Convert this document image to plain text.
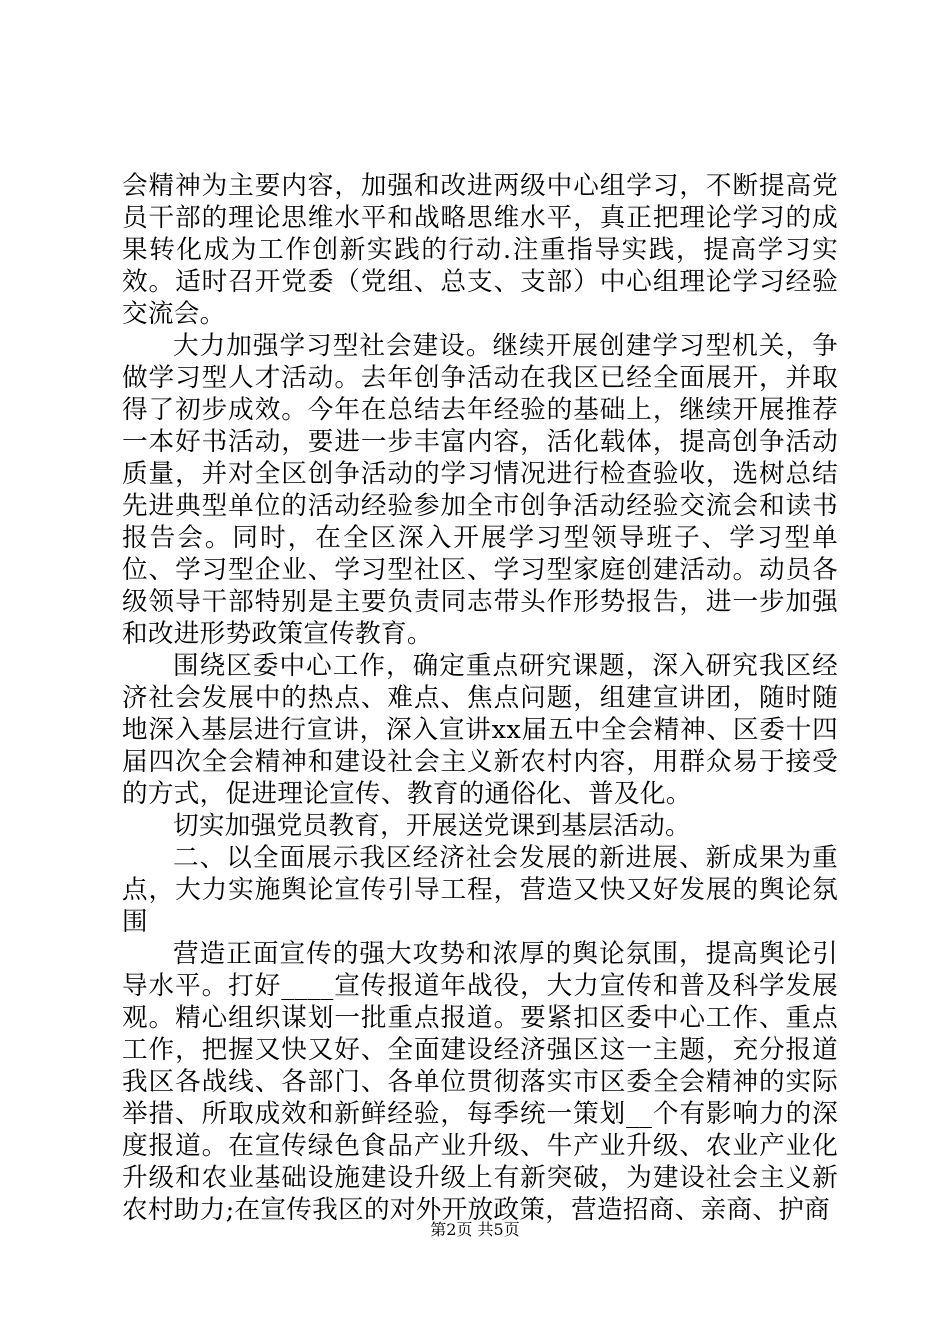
会精神为主要内容，加强和改进两级中心组学习，不断提高党员干部的理论思维水平和战略思维水平，真正把理论学习的成果转化成为工作创新实践的行动.注重指导实践，提高学习实效。适时召开党委（党组、总支、支部）中心组理论学习经验交流会。

大力加强学习型社会建设。继续开展创建学习型机关，争做学习型人才活动。去年创争活动在我区已经全面展开，并取得了初步成效。今年在总结去年经验的基础上，继续开展推荐一本好书活动，要进一步丰富内容，活化载体，提高创争活动质量，并对全区创争活动的学习情况进行检查验收，选树总结先进典型单位的活动经验参加全市创争活动经验交流会和读书报告会。同时，在全区深入开展学习型领导班子、学习型单位、学习型企业、学习型社区、学习型家庭创建活动。动员各级领导干部特别是主要负责同志带头作形势报告，进一步加强和改进形势政策宣传教育。

围绕区委中心工作，确定重点研究课题，深入研究我区经济社会发展中的热点、难点、焦点问题，组建宣讲团，随时随地深入基层进行宣讲，深入宣讲xx届五中全会精神、区委十四届四次全会精神和建设社会主义新农村内容，用群众易于接受的方式，促进理论宣传、教育的通俗化、普及化。

切实加强党员教育，开展送党课到基层活动。

二、以全面展示我区经济社会发展的新进展、新成果为重点，大力实施舆论宣传引导工程，营造又快又好发展的舆论氛围

营造正面宣传的强大攻势和浓厚的舆论氛围，提高舆论引导水平。打好____宣传报道年战役，大力宣传和普及科学发展观。精心组织谋划一批重点报道。要紧扣区委中心工作、重点工作，把握又快又好、全面建设经济强区这一主题，充分报道我区各战线、各部门、各单位贯彻落实市区委全会精神的实际举措、所取成效和新鲜经验，每季统一策划__个有影响力的深度报道。在宣传绿色食品产业升级、牛产业升级、农业产业化升级和农业基础设施建设升级上有新突破，为建设社会主义新农村助力;在宣传我区的对外开放政策，营造招商、亲商、护商

第2页 共5页
